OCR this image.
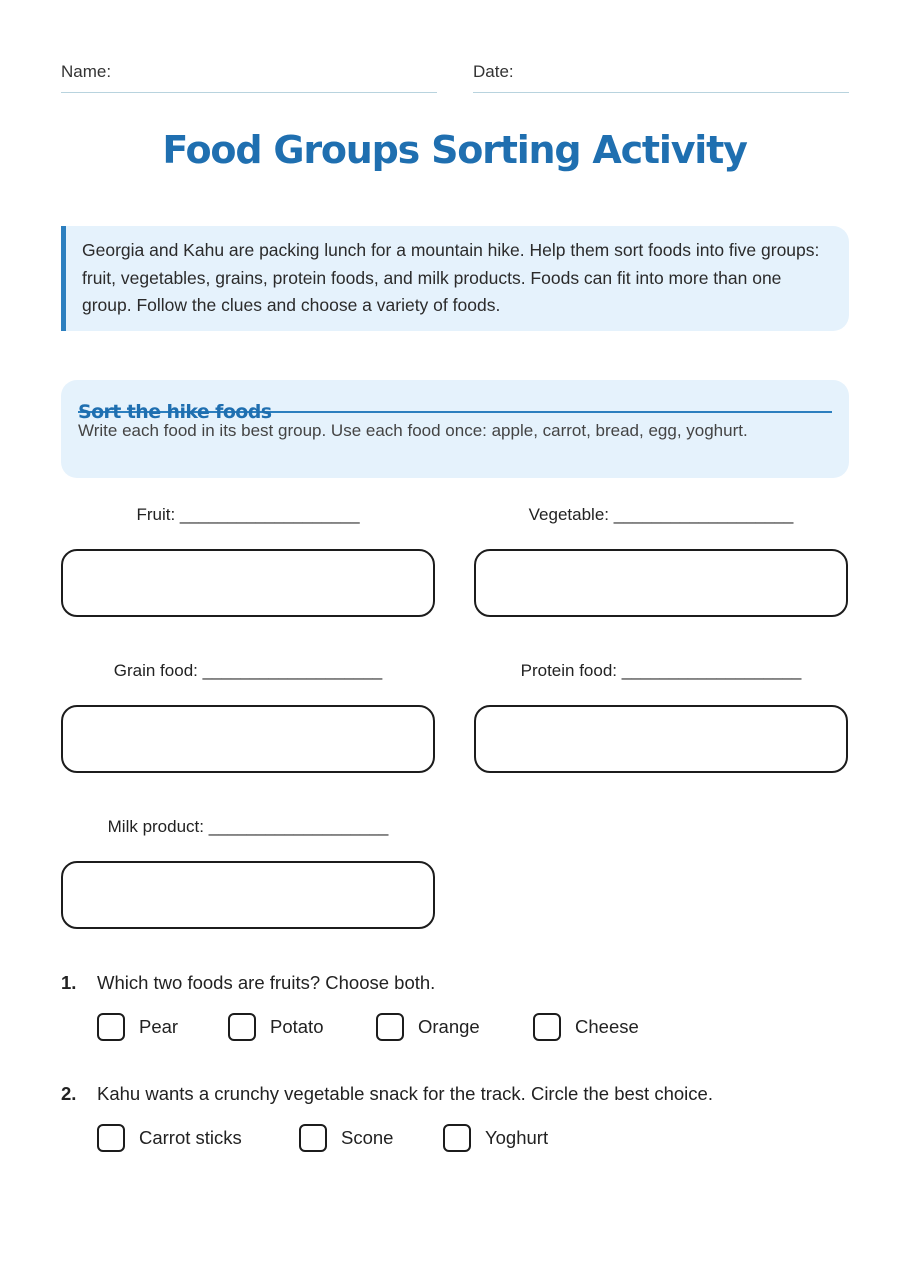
Name:	Date:
Food Groups Sorting Activity
Georgia and Kahu are packing lunch for a mountain hike. Help them sort foods into five groups: fruit, vegetables, grains, protein foods, and milk products. Foods can fit into more than one group. Follow the clues and choose a variety of foods.
Sort the hike foods
Write each food in its best group. Use each food once: apple, carrot, bread, egg, yoghurt.
Fruit: ___________________	Vegetable: ___________________
Grain food: ___________________	Protein food: ___________________
Milk product: ___________________
1. Which two foods are fruits? Choose both.
Pear	Potato	Orange	Cheese
2. Kahu wants a crunchy vegetable snack for the track. Circle the best choice.
Carrot sticks	Scone	Yoghurt
